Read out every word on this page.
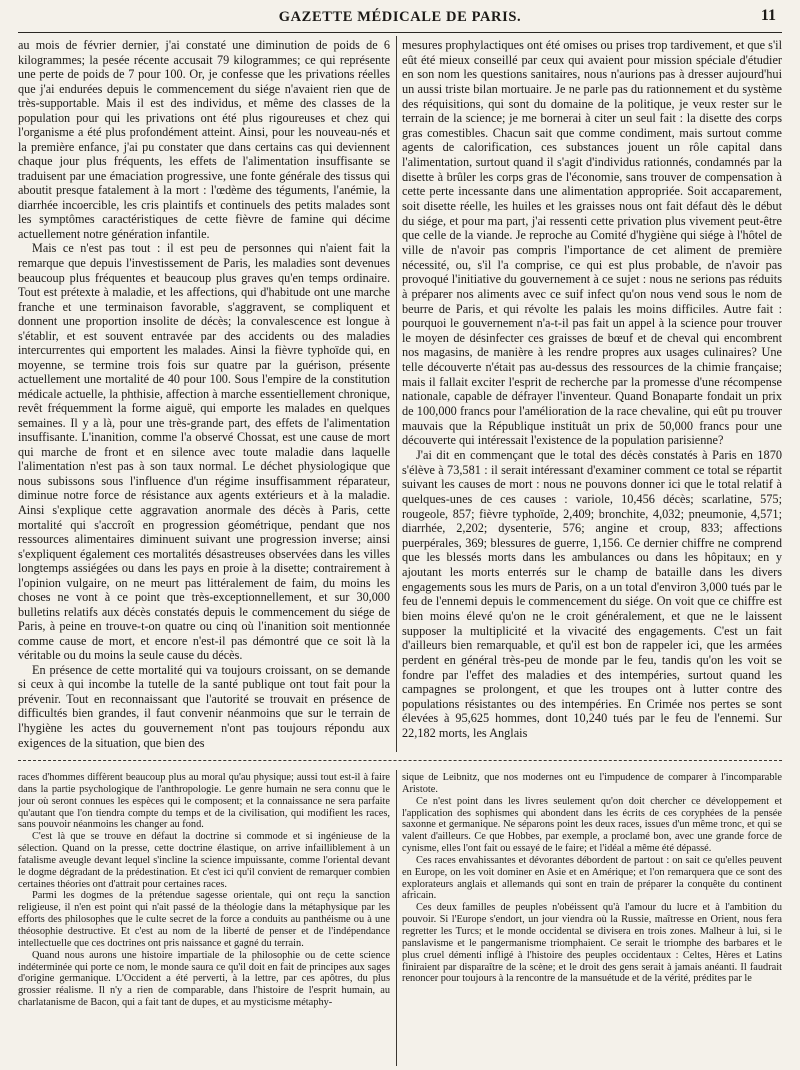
GAZETTE MÉDICALE DE PARIS.	11

au mois de février dernier, j'ai constaté une diminution de poids de 6 kilogrammes; la pesée récente accusait 79 kilogrammes; ce qui représente une perte de poids de 7 pour 100. Or, je confesse que les privations réelles que j'ai endurées depuis le commencement du siége n'avaient rien que de très-supportable. Mais il est des individus, et même des classes de la population pour qui les privations ont été plus rigoureuses et chez qui l'organisme a été plus profondément atteint. Ainsi, pour les nouveau-nés et la première enfance, j'ai pu constater que dans certains cas qui deviennent chaque jour plus fréquents, les effets de l'alimentation insuffisante se traduisent par une émaciation progressive, une fonte générale des tissus qui aboutit presque fatalement à la mort : l'œdème des téguments, l'anémie, la diarrhée incoercible, les cris plaintifs et continuels des petits malades sont les symptômes caractéristiques de cette fièvre de famine qui décime actuellement notre génération infantile.

Mais ce n'est pas tout : il est peu de personnes qui n'aient fait la remarque que depuis l'investissement de Paris, les maladies sont devenues beaucoup plus fréquentes et beaucoup plus graves qu'en temps ordinaire. Tout est prétexte à maladie, et les affections, qui d'habitude ont une marche franche et une terminaison favorable, s'aggravent, se compliquent et donnent une proportion insolite de décès; la convalescence est longue à s'établir, et est souvent entravée par des accidents ou des maladies intercurrentes qui emportent les malades. Ainsi la fièvre typhoïde qui, en moyenne, se termine trois fois sur quatre par la guérison, présente actuellement une mortalité de 40 pour 100. Sous l'empire de la constitution médicale actuelle, la phthisie, affection à marche essentiellement chronique, revêt fréquemment la forme aiguë, qui emporte les malades en quelques semaines. Il y a là, pour une très-grande part, des effets de l'alimentation insuffisante. L'inanition, comme l'a observé Chossat, est une cause de mort qui marche de front et en silence avec toute maladie dans laquelle l'alimentation n'est pas à son taux normal. Le déchet physiologique que nous subissons sous l'influence d'un régime insuffisamment réparateur, diminue notre force de résistance aux agents extérieurs et à la maladie. Ainsi s'explique cette aggravation anormale des décès à Paris, cette mortalité qui s'accroît en progression géométrique, pendant que nos ressources alimentaires diminuent suivant une progression inverse; ainsi s'expliquent également ces mortalités désastreuses observées dans les villes longtemps assiégées ou dans les pays en proie à la disette; contrairement à l'opinion vulgaire, on ne meurt pas littéralement de faim, du moins les choses ne vont à ce point que très-exceptionnellement, et sur 30,000 bulletins relatifs aux décès constatés depuis le commencement du siége de Paris, à peine en trouve-t-on quatre ou cinq où l'inanition soit mentionnée comme cause de mort, et encore n'est-il pas démontré que ce soit là la véritable ou du moins la seule cause du décès.

En présence de cette mortalité qui va toujours croissant, on se demande si ceux à qui incombe la tutelle de la santé publique ont tout fait pour la prévenir. Tout en reconnaissant que l'autorité se trouvait en présence de difficultés bien grandes, il faut convenir néanmoins que sur le terrain de l'hygiène les actes du gouvernement n'ont pas toujours répondu aux exigences de la situation, que bien des

mesures prophylactiques ont été omises ou prises trop tardivement, et que s'il eût été mieux conseillé par ceux qui avaient pour mission spéciale d'étudier en son nom les questions sanitaires, nous n'aurions pas à dresser aujourd'hui un aussi triste bilan mortuaire. Je ne parle pas du rationnement et du système des réquisitions, qui sont du domaine de la politique, je veux rester sur le terrain de la science; je me bornerai à citer un seul fait : la disette des corps gras comestibles. Chacun sait que comme condiment, mais surtout comme agents de calorification, ces substances jouent un rôle capital dans l'alimentation, surtout quand il s'agit d'individus rationnés, condamnés par la disette à brûler les corps gras de l'économie, sans trouver de compensation à cette perte incessante dans une alimentation appropriée. Soit accaparement, soit disette réelle, les huiles et les graisses nous ont fait défaut dès le début du siége, et pour ma part, j'ai ressenti cette privation plus vivement peut-être que celle de la viande. Je reproche au Comité d'hygiène qui siége à l'hôtel de ville de n'avoir pas compris l'importance de cet aliment de première nécessité, ou, s'il l'a comprise, ce qui est plus probable, de n'avoir pas provoqué l'initiative du gouvernement à ce sujet : nous ne serions pas réduits à préparer nos aliments avec ce suif infect qu'on nous vend sous le nom de beurre de Paris, et qui révolte les palais les moins difficiles. Autre fait : pourquoi le gouvernement n'a-t-il pas fait un appel à la science pour trouver le moyen de désinfecter ces graisses de bœuf et de cheval qui encombrent nos magasins, de manière à les rendre propres aux usages culinaires? Une telle découverte n'était pas au-dessus des ressources de la chimie française; mais il fallait exciter l'esprit de recherche par la promesse d'une récompense nationale, capable de défrayer l'inventeur. Quand Bonaparte fondait un prix de 100,000 francs pour l'amélioration de la race chevaline, qui eût pu trouver mauvais que la République instituât un prix de 50,000 francs pour une découverte qui intéressait l'existence de la population parisienne?

J'ai dit en commençant que le total des décès constatés à Paris en 1870 s'élève à 73,581 : il serait intéressant d'examiner comment ce total se répartit suivant les causes de mort : nous ne pouvons donner ici que le total relatif à quelques-unes de ces causes : variole, 10,456 décès; scarlatine, 575; rougeole, 857; fièvre typhoïde, 2,409; bronchite, 4,032; pneumonie, 4,571; diarrhée, 2,202; dysenterie, 576; angine et croup, 833; affections puerpérales, 369; blessures de guerre, 1,156. Ce dernier chiffre ne comprend que les blessés morts dans les ambulances ou dans les hôpitaux; en y ajoutant les morts enterrés sur le champ de bataille dans les divers engagements sous les murs de Paris, on a un total d'environ 3,000 tués par le feu de l'ennemi depuis le commencement du siége. On voit que ce chiffre est bien moins élevé qu'on ne le croit généralement, et que ne le laissent supposer la multiplicité et la vivacité des engagements. C'est un fait d'ailleurs bien remarquable, et qu'il est bon de rappeler ici, que les armées perdent en général très-peu de monde par le feu, tandis qu'on les voit se fondre par l'effet des maladies et des intempéries, surtout quand les campagnes se prolongent, et que les troupes ont à lutter contre des populations résistantes ou des intempéries. En Crimée nos pertes se sont élevées à 95,625 hommes, dont 10,240 tués par le feu de l'ennemi. Sur 22,182 morts, les Anglais

races d'hommes diffèrent beaucoup plus au moral qu'au physique; aussi tout est-il à faire dans la partie psychologique de l'anthropologie. Le genre humain ne sera connu que le jour où seront connues les espèces qui le composent; et la connaissance ne sera parfaite qu'autant que l'on tiendra compte du temps et de la civilisation, qui modifient les races, sans pouvoir néanmoins les changer au fond.

C'est là que se trouve en défaut la doctrine si commode et si ingénieuse de la sélection. Quand on la presse, cette doctrine élastique, on arrive infailliblement à un fatalisme aveugle devant lequel s'incline la science impuissante, comme l'oriental devant le dogme dégradant de la prédestination. Et c'est ici qu'il convient de remarquer combien certaines théories ont d'attrait pour certaines races.

Parmi les dogmes de la prétendue sagesse orientale, qui ont reçu la sanction religieuse, il n'en est point qui n'ait passé de la théologie dans la métaphysique par les efforts des philosophes que le culte secret de la force a conduits au panthéisme ou à une théosophie destructive. Et c'est au nom de la liberté de penser et de l'indépendance intellectuelle que ces doctrines ont pris naissance et gagné du terrain.

Quand nous aurons une histoire impartiale de la philosophie ou de cette science indéterminée qui porte ce nom, le monde saura ce qu'il doit en fait de principes aux sages d'origine germanique. L'Occident a été perverti, à la lettre, par ces apôtres, du plus grossier réalisme. Il n'y a rien de comparable, dans l'histoire de l'esprit humain, au charlatanisme de Bacon, qui a fait tant de dupes, et au mysticisme métaphy-

sique de Leibnitz, que nos modernes ont eu l'impudence de comparer à l'incomparable Aristote.

Ce n'est point dans les livres seulement qu'on doit chercher ce développement et l'application des sophismes qui abondent dans les écrits de ces coryphées de la pensée saxonne et germanique. Ne séparons point les deux races, issues d'un même tronc, et qui se valent d'ailleurs. Ce que Hobbes, par exemple, a proclamé bon, avec une grande force de cynisme, elles l'ont fait ou essayé de le faire; et l'idéal a même été dépassé.

Ces races envahissantes et dévorantes débordent de partout : on sait ce qu'elles peuvent en Europe, on les voit dominer en Asie et en Amérique; et l'on remarquera que ce sont des explorateurs anglais et allemands qui sont en train de préparer la conquête du continent africain.

Ces deux familles de peuples n'obéissent qu'à l'amour du lucre et à l'ambition du pouvoir. Si l'Europe s'endort, un jour viendra où la Russie, maîtresse en Orient, nous fera regretter les Turcs; et le monde occidental se divisera en trois zones. Malheur à lui, si le panslavisme et le pangermanisme triomphaient. Ce serait le triomphe des barbares et le plus cruel démenti infligé à l'histoire des peuples occidentaux : Celtes, Hères et Latins finiraient par disparaître de la scène; et le droit des gens serait à jamais anéanti. Il faudrait renoncer pour toujours à la rencontre de la mansuétude et de la vérité, prédites par le
